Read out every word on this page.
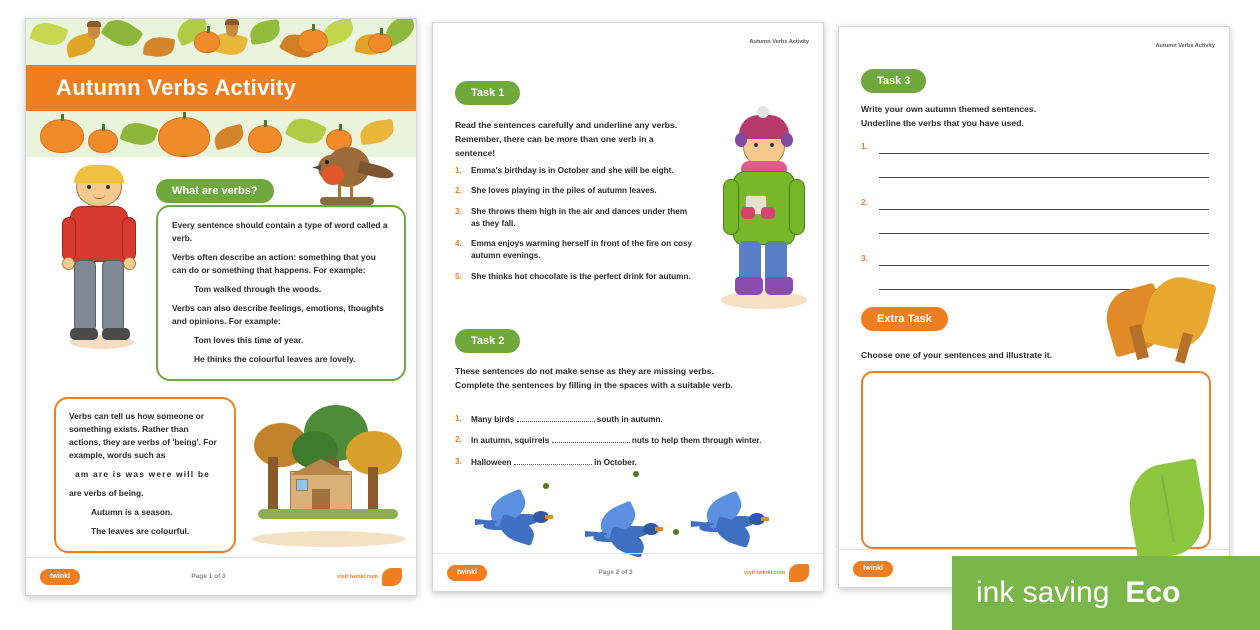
Autumn Verbs Activity
What are verbs?

Every sentence should contain a type of word called a verb.

Verbs often describe an action: something that you can do or something that happens. For example:

Tom walked through the woods.

Verbs can also describe feelings, emotions, thoughts and opinions. For example:

Tom loves this time of year.

He thinks the colourful leaves are lovely.

Verbs can tell us how someone or something exists. Rather than actions, they are verbs of 'being'. For example, words such as

am are is was were will be

are verbs of being.

Autumn is a season.

The leaves are colourful.

twinkl	Page 1 of 3	visit twinkl.com
Autumn Verbs Activity
Task 1
Read the sentences carefully and underline any verbs.
Remember, there can be more than one verb in a sentence!
1. Emma's birthday is in October and she will be eight.
2. She loves playing in the piles of autumn leaves.
3. She throws them high in the air and dances under them as they fall.
4. Emma enjoys warming herself in front of the fire on cosy autumn evenings.
5. She thinks hot chocolate is the perfect drink for autumn.
Task 2
These sentences do not make sense as they are missing verbs.
Complete the sentences by filling in the spaces with a suitable verb.
1. Many birds	south in autumn.
2. In autumn, squirrels	nuts to help them through winter.
3. Halloween	in October.
twinkl	Page 2 of 3	visit twinkl.com
Autumn Verbs Activity
Task 3
Write your own autumn themed sentences.
Underline the verbs that you have used.
1.
2.
3.
Extra Task
Choose one of your sentences and illustrate it.
twinkl
ink saving Eco
